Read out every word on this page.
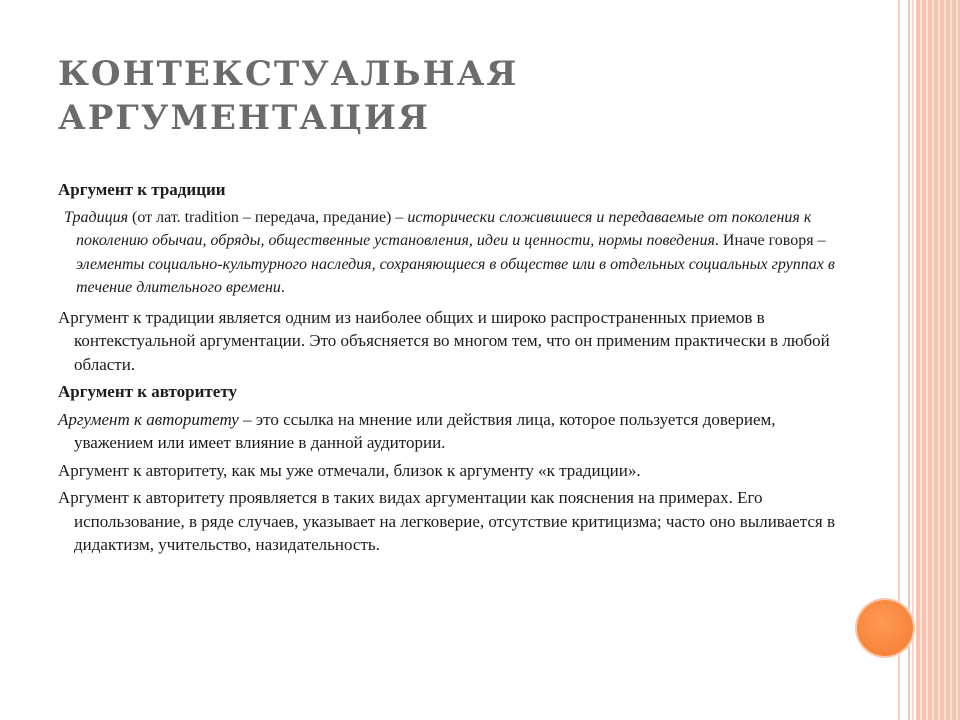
КОНТЕКСТУАЛЬНАЯ
АРГУМЕНТАЦИЯ

Аргумент к традиции

Традиция (от лат. tradition – передача, предание) – исторически сложившиеся и передаваемые от поколения к поколению обычаи, обряды, общественные установления, идеи и ценности, нормы поведения. Иначе говоря – элементы социально-культурного наследия, сохраняющиеся в обществе или в отдельных социальных группах в течение длительного времени.

Аргумент к традиции является одним из наиболее общих и широко распространенных приемов в контекстуальной аргументации. Это объясняется во многом тем, что он применим практически в любой области.

Аргумент к авторитету

Аргумент к авторитету – это ссылка на мнение или действия лица, которое пользуется доверием, уважением или имеет влияние в данной аудитории.

Аргумент к авторитету, как мы уже отмечали, близок к аргументу «к традиции».

Аргумент к авторитету проявляется в таких видах аргументации как пояснения на примерах. Его использование, в ряде случаев, указывает на легковерие, отсутствие критицизма; часто оно выливается в дидактизм, учительство, назидательность.
